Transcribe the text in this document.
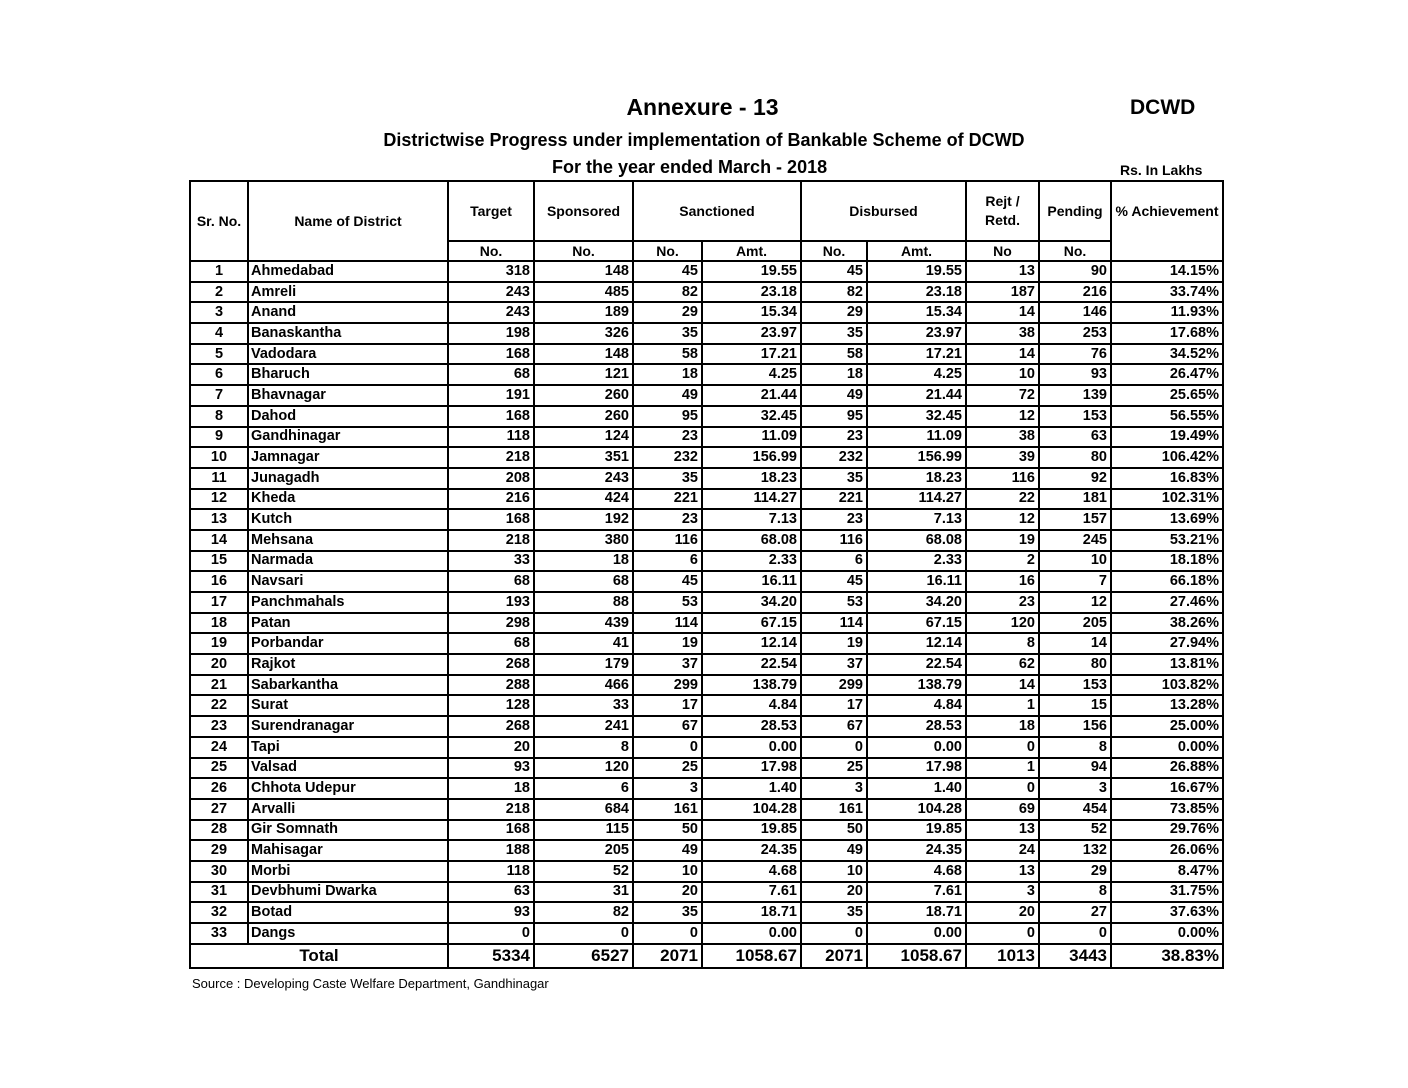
Annexure - 13	DCWD
Districtwise Progress under implementation of Bankable Scheme of DCWD
For the year ended March - 2018	Rs. In Lakhs
Sr. No.	Name of District	Target	Sponsored	Sanctioned		Disbursed		Rejt / Retd.	Pending	% Achievement
		No.	No.	No.	Amt.	No.	Amt.	No	No.	
1	Ahmedabad	318	148	45	19.55	45	19.55	13	90	14.15%
2	Amreli	243	485	82	23.18	82	23.18	187	216	33.74%
3	Anand	243	189	29	15.34	29	15.34	14	146	11.93%
4	Banaskantha	198	326	35	23.97	35	23.97	38	253	17.68%
5	Vadodara	168	148	58	17.21	58	17.21	14	76	34.52%
6	Bharuch	68	121	18	4.25	18	4.25	10	93	26.47%
7	Bhavnagar	191	260	49	21.44	49	21.44	72	139	25.65%
8	Dahod	168	260	95	32.45	95	32.45	12	153	56.55%
9	Gandhinagar	118	124	23	11.09	23	11.09	38	63	19.49%
10	Jamnagar	218	351	232	156.99	232	156.99	39	80	106.42%
11	Junagadh	208	243	35	18.23	35	18.23	116	92	16.83%
12	Kheda	216	424	221	114.27	221	114.27	22	181	102.31%
13	Kutch	168	192	23	7.13	23	7.13	12	157	13.69%
14	Mehsana	218	380	116	68.08	116	68.08	19	245	53.21%
15	Narmada	33	18	6	2.33	6	2.33	2	10	18.18%
16	Navsari	68	68	45	16.11	45	16.11	16	7	66.18%
17	Panchmahals	193	88	53	34.20	53	34.20	23	12	27.46%
18	Patan	298	439	114	67.15	114	67.15	120	205	38.26%
19	Porbandar	68	41	19	12.14	19	12.14	8	14	27.94%
20	Rajkot	268	179	37	22.54	37	22.54	62	80	13.81%
21	Sabarkantha	288	466	299	138.79	299	138.79	14	153	103.82%
22	Surat	128	33	17	4.84	17	4.84	1	15	13.28%
23	Surendranagar	268	241	67	28.53	67	28.53	18	156	25.00%
24	Tapi	20	8	0	0.00	0	0.00	0	8	0.00%
25	Valsad	93	120	25	17.98	25	17.98	1	94	26.88%
26	Chhota Udepur	18	6	3	1.40	3	1.40	0	3	16.67%
27	Arvalli	218	684	161	104.28	161	104.28	69	454	73.85%
28	Gir Somnath	168	115	50	19.85	50	19.85	13	52	29.76%
29	Mahisagar	188	205	49	24.35	49	24.35	24	132	26.06%
30	Morbi	118	52	10	4.68	10	4.68	13	29	8.47%
31	Devbhumi Dwarka	63	31	20	7.61	20	7.61	3	8	31.75%
32	Botad	93	82	35	18.71	35	18.71	20	27	37.63%
33	Dangs	0	0	0	0.00	0	0.00	0	0	0.00%
Total		5334	6527	2071	1058.67	2071	1058.67	1013	3443	38.83%
Source : Developing Caste Welfare Department, Gandhinagar
